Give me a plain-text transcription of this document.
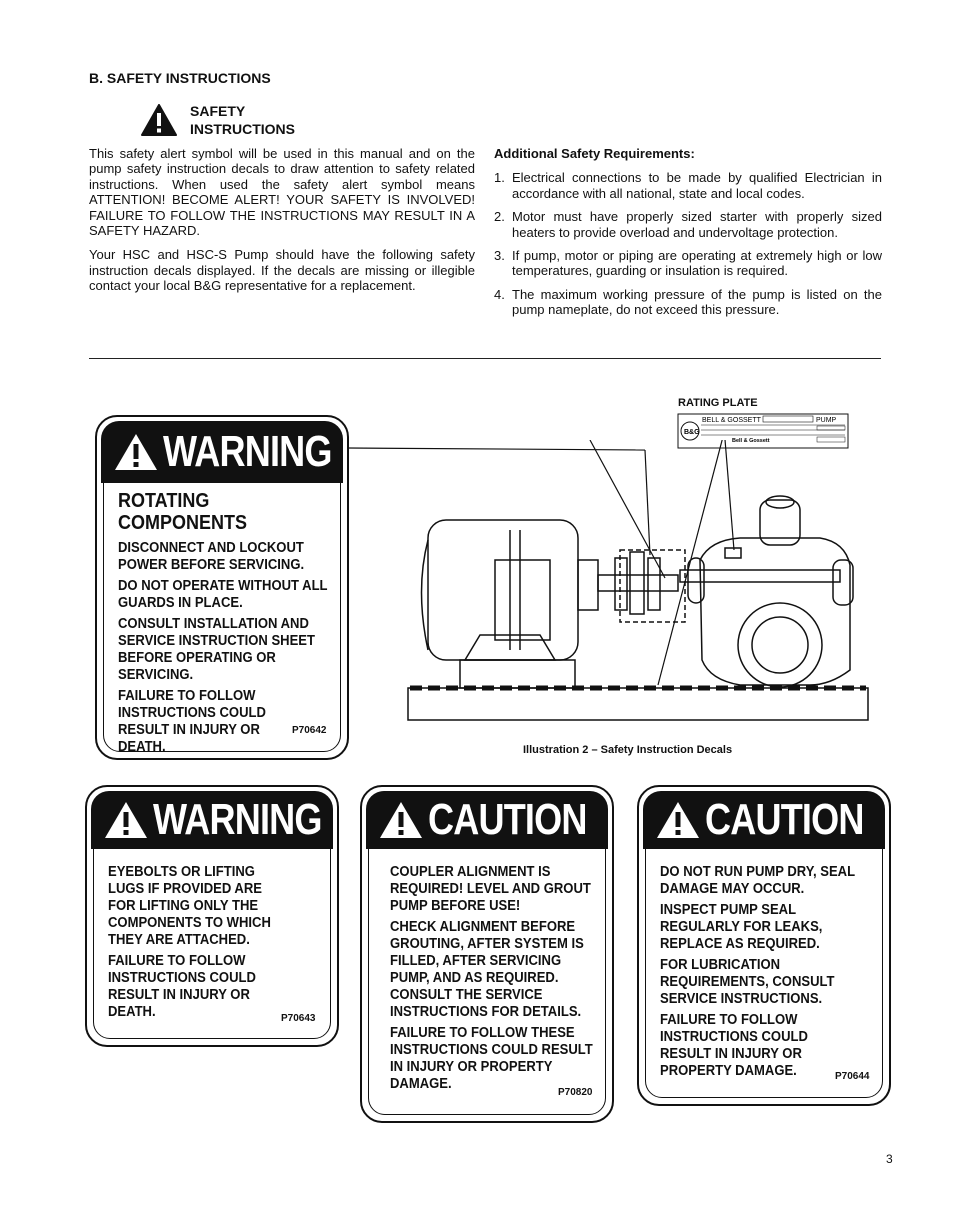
B. SAFETY INSTRUCTIONS
SAFETY
INSTRUCTIONS

This safety alert symbol will be used in this manual and on the pump safety instruction decals to draw attention to safety related instructions. When used the safety alert symbol means ATTENTION! BECOME ALERT! YOUR SAFETY IS INVOLVED! FAILURE TO FOLLOW THE INSTRUCTIONS MAY RESULT IN A SAFETY HAZARD.

Your HSC and HSC-S Pump should have the following safety instruction decals displayed. If the decals are missing or illegible contact your local B&G representative for a replacement.

Additional Safety Requirements:
1. Electrical connections to be made by qualified Electrician in accordance with all national, state and local codes.
2. Motor must have properly sized starter with properly sized heaters to provide overload and undervoltage protection.
3. If pump, motor or piping are operating at extremely high or low temperatures, guarding or insulation is required.
4. The maximum working pressure of the pump is listed on the pump nameplate, do not exceed this pressure.
RATING PLATE
B&G
BELL & GOSSETT	PUMP
Bell & Gossett
Illustration 2 – Safety Instruction Decals
WARNING

ROTATING COMPONENTS

DISCONNECT AND LOCKOUT POWER BEFORE SERVICING.

DO NOT OPERATE WITHOUT ALL GUARDS IN PLACE.

CONSULT INSTALLATION AND SERVICE INSTRUCTION SHEET BEFORE OPERATING OR SERVICING.

FAILURE TO FOLLOW INSTRUCTIONS COULD RESULT IN INJURY OR DEATH.

P70642
WARNING

EYEBOLTS OR LIFTING LUGS IF PROVIDED ARE FOR LIFTING ONLY THE COMPONENTS TO WHICH THEY ARE ATTACHED.

FAILURE TO FOLLOW INSTRUCTIONS COULD RESULT IN INJURY OR DEATH.	P70643
CAUTION

COUPLER ALIGNMENT IS REQUIRED! LEVEL AND GROUT PUMP BEFORE USE!

CHECK ALIGNMENT BEFORE GROUTING, AFTER SYSTEM IS FILLED, AFTER SERVICING PUMP, AND AS REQUIRED. CONSULT THE SERVICE INSTRUCTIONS FOR DETAILS.

FAILURE TO FOLLOW THESE INSTRUCTIONS COULD RESULT IN INJURY OR PROPERTY DAMAGE.

P70820
CAUTION

DO NOT RUN PUMP DRY, SEAL DAMAGE MAY OCCUR.

INSPECT PUMP SEAL REGULARLY FOR LEAKS, REPLACE AS REQUIRED.

FOR LUBRICATION REQUIREMENTS, CONSULT SERVICE INSTRUCTIONS.

FAILURE TO FOLLOW INSTRUCTIONS COULD RESULT IN INJURY OR PROPERTY DAMAGE.	P70644
3
